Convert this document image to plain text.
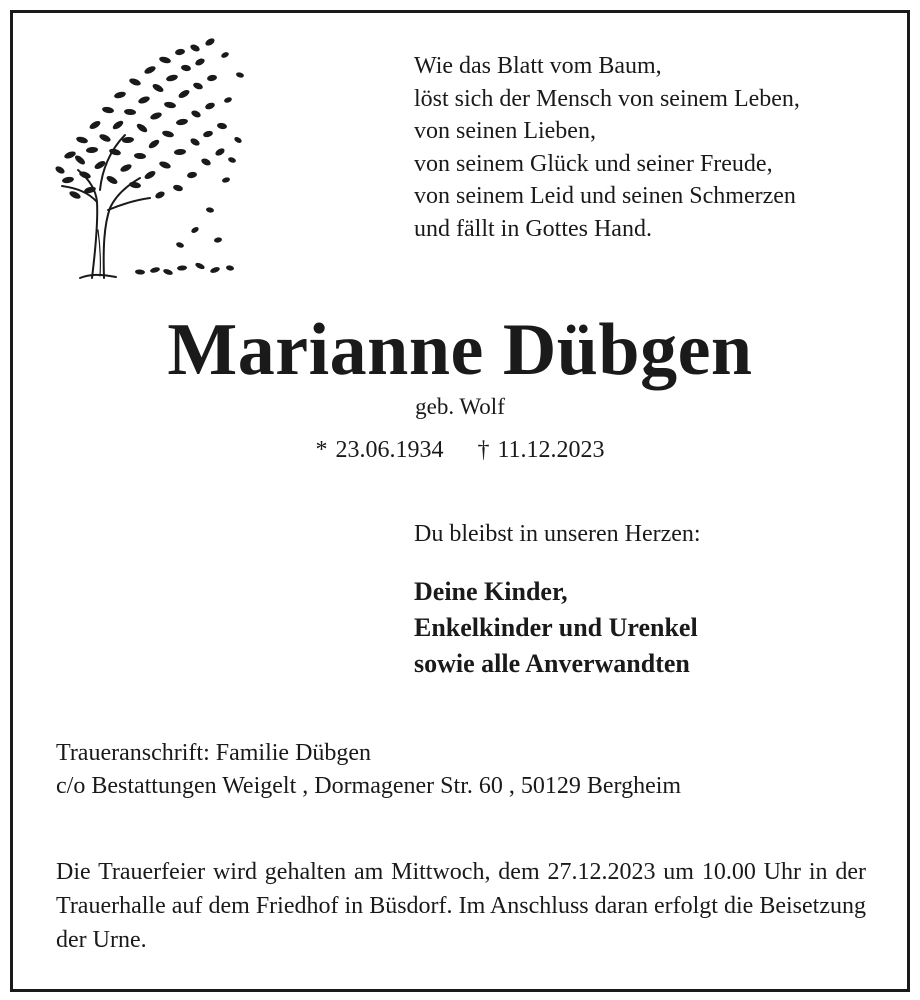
Wie das Blatt vom Baum,
löst sich der Mensch von seinem Leben,
von seinen Lieben,
von seinem Glück und seiner Freude,
von seinem Leid und seinen Schmerzen
und fällt in Gottes Hand.
Marianne Dübgen
geb. Wolf
* 23.06.1934 † 11.12.2023
Du bleibst in unseren Herzen:
Deine Kinder,
Enkelkinder und Urenkel
sowie alle Anverwandten
Traueranschrift: Familie Dübgen
c/o Bestattungen Weigelt , Dormagener Str. 60 , 50129 Bergheim
Die Trauerfeier wird gehalten am Mittwoch, dem 27.12.2023 um 10.00 Uhr in der Trauerhalle auf dem Friedhof in Büsdorf. Im Anschluss daran erfolgt die Beisetzung der Urne.
